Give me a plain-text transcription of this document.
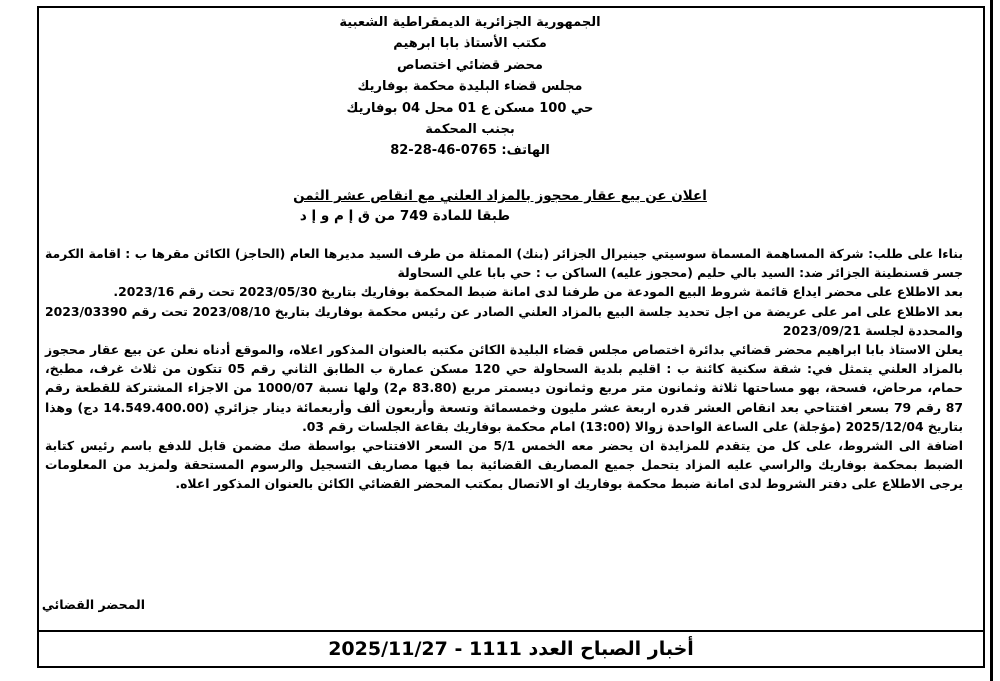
الجمهورية الجزائرية الديمقراطية الشعبية
مكتب الأستاذ بابا ابرهيم
محضر قضائي اختصاص
مجلس قضاء البليدة محكمة بوفاريك
حي 100 مسكن ع 01 محل 04 بوفاريك
بجنب المحكمة
الهاتف: 0765-46-28-82
اعلان عن بيع عقار محجوز بالمزاد العلني مع انقاص عشر الثمن
طبقا للمادة 749 من ق إ م و إ د

بناءا على طلب: شركة المساهمة المسماة سوسيتي جينيرال الجزائر (بنك) الممثلة من طرف السيد مديرها العام (الحاجز) الكائن مقرها ب : اقامة الكرمة جسر قسنطينة الجزائر ضد: السيد بالي حليم (محجوز عليه) الساكن ب : حي بابا علي السحاولة

بعد الاطلاع على محضر ايداع قائمة شروط البيع المودعة من طرفنا لدى امانة ضبط المحكمة بوفاريك بتاريخ 2023/05/30 تحت رقم 2023/16.

بعد الاطلاع على امر على عريضة من اجل تحديد جلسة البيع بالمزاد العلني الصادر عن رئيس محكمة بوفاريك بتاريخ 2023/08/10 تحت رقم 2023/03390 والمحددة لجلسة 2023/09/21

يعلن الاستاذ بابا ابراهيم محضر قضائي بدائرة اختصاص مجلس قضاء البليدة الكائن مكتبه بالعنوان المذكور اعلاه، والموقع أدناه نعلن عن بيع عقار محجوز بالمزاد العلني يتمثل في: شقة سكنية كائنة ب : اقليم بلدية السحاولة حي 120 مسكن عمارة ب الطابق الثاني رقم 05 تتكون من ثلاث غرف، مطبخ، حمام، مرحاض، فسحة، بهو مساحتها ثلاثة وثمانون متر مربع وثمانون ديسمتر مربع (83.80 م2) ولها نسبة 1000/07 من الاجزاء المشتركة للقطعة رقم 87 رقم 79 بسعر افتتاحي بعد انقاص العشر قدره اربعة عشر مليون وخمسمائة وتسعة وأربعون ألف وأربعمائة دينار جزائري (14.549.400.00 دج) وهذا بتاريخ 2025/12/04 (مؤجلة) على الساعة الواحدة زوالا (13:00) امام محكمة بوفاريك بقاعة الجلسات رقم 03.

اضافة الى الشروط، على كل من يتقدم للمزايدة ان يحضر معه الخمس 5/1 من السعر الافتتاحي بواسطة صك مضمن قابل للدفع باسم رئيس كتابة الضبط بمحكمة بوفاريك والراسي عليه المزاد يتحمل جميع المصاريف القضائية بما فيها مصاريف التسجيل والرسوم المستحقة ولمزيد من المعلومات يرجى الاطلاع على دفتر الشروط لدى امانة ضبط محكمة بوفاريك او الاتصال بمكتب المحضر القضائي الكائن بالعنوان المذكور اعلاه.

المحضر القضائي
أخبار الصباح العدد 1111 - 2025/11/27
